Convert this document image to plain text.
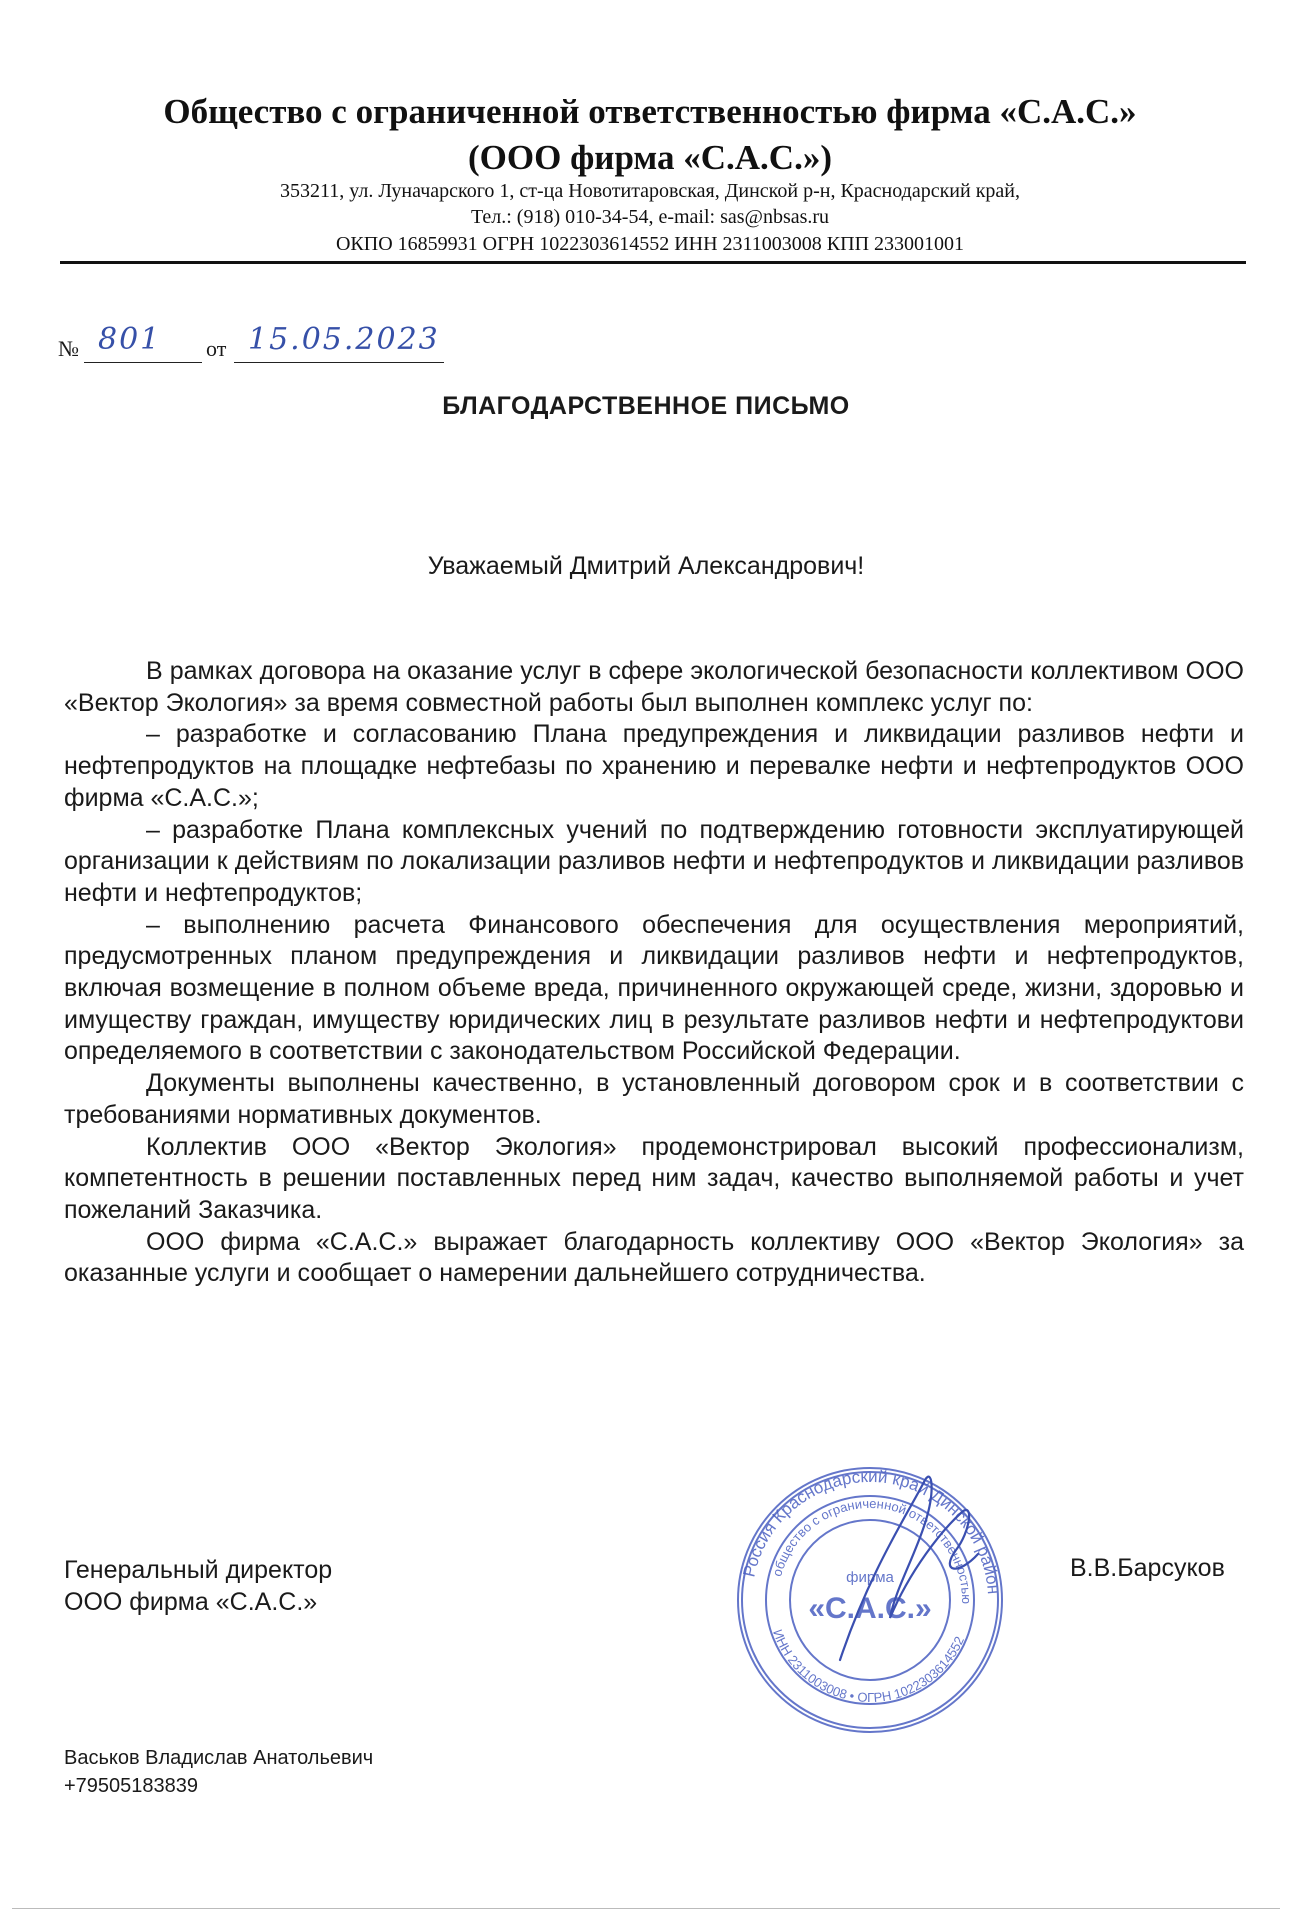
Общество с ограниченной ответственностью фирма «С.А.С.»
(ООО фирма «С.А.С.»)
353211, ул. Луначарского 1, ст-ца Новотитаровская, Динской р-н, Краснодарский край,
Тел.: (918) 010-34-54, e-mail: sas@nbsas.ru
ОКПО 16859931 ОГРН 1022303614552 ИНН 2311003008 КПП 233001001
№ 801 от 15.05.2023
БЛАГОДАРСТВЕННОЕ ПИСЬМО
Уважаемый Дмитрий Александрович!

В рамках договора на оказание услуг в сфере экологической безопасности коллективом ООО «Вектор Экология» за время совместной работы был выполнен комплекс услуг по:

– разработке и согласованию Плана предупреждения и ликвидации разливов нефти и нефтепродуктов на площадке нефтебазы по хранению и перевалке нефти и нефтепродуктов ООО фирма «С.А.С.»;

– разработке Плана комплексных учений по подтверждению готовности эксплуатирующей организации к действиям по локализации разливов нефти и нефтепродуктов и ликвидации разливов нефти и нефтепродуктов;

– выполнению расчета Финансового обеспечения для осуществления мероприятий, предусмотренных планом предупреждения и ликвидации разливов нефти и нефтепродуктов, включая возмещение в полном объеме вреда, причиненного окружающей среде, жизни, здоровью и имуществу граждан, имуществу юридических лиц в результате разливов нефти и нефтепродуктови определяемого в соответствии с законодательством Российской Федерации.

Документы выполнены качественно, в установленный договором срок и в соответствии с требованиями нормативных документов.

Коллектив ООО «Вектор Экология» продемонстрировал высокий профессионализм, компетентность в решении поставленных перед ним задач, качество выполняемой работы и учет пожеланий Заказчика.

ООО фирма «С.А.С.» выражает благодарность коллективу ООО «Вектор Экология» за оказанные услуги и сообщает о намерении дальнейшего сотрудничества.

Генеральный директор
ООО фирма «С.А.С.»
Россия Краснодарский край Динской район
общество с ограниченной ответственностью
ИНН 2311003008 • ОГРН 1022303614552
фирма
«С.А.С.»
В.В.Барсуков
Васьков Владислав Анатольевич
+79505183839
